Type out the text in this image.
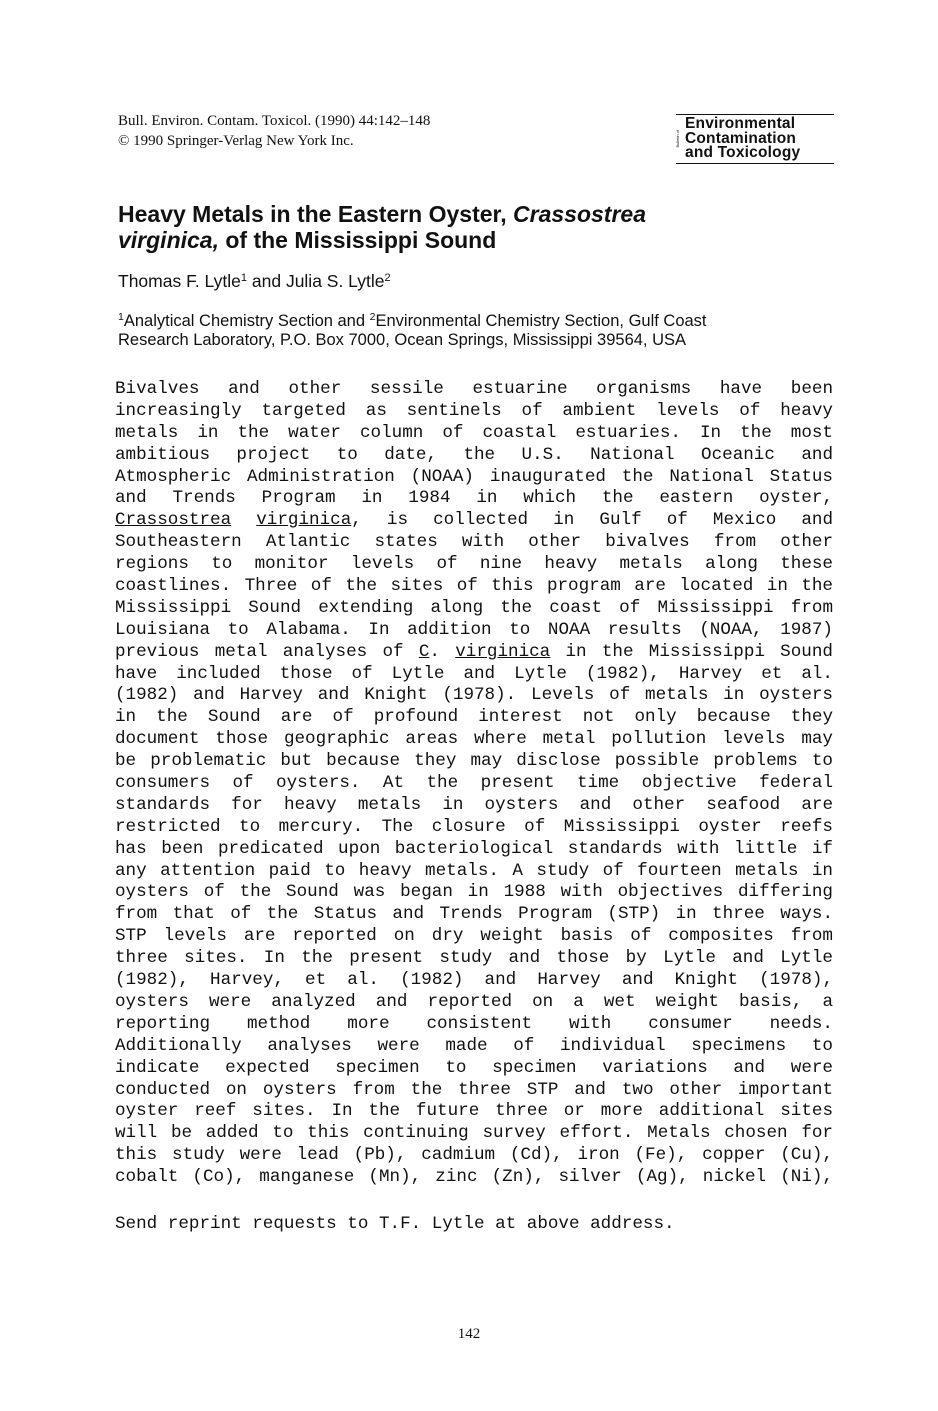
Bull. Environ. Contam. Toxicol. (1990) 44:142–148
© 1990 Springer-Verlag New York Inc.	Bulletin of
Environmental
Contamination
and Toxicology
Heavy Metals in the Eastern Oyster, Crassostrea
virginica, of the Mississippi Sound
Thomas F. Lytle$^1$ and Julia S. Lytle$^2$
$^1$Analytical Chemistry Section and $^2$Environmental Chemistry Section, Gulf Coast
Research Laboratory, P.O. Box 7000, Ocean Springs, Mississippi 39564, USA
Bivalves and other sessile estuarine organisms have been
increasingly targeted as sentinels of ambient levels of heavy
metals in the water column of coastal estuaries. In the most
ambitious project to date, the U.S. National Oceanic and
Atmospheric Administration (NOAA) inaugurated the National Status
and Trends Program in 1984 in which the eastern oyster,
Crassostrea virginica, is collected in Gulf of Mexico and
Southeastern Atlantic states with other bivalves from other
regions to monitor levels of nine heavy metals along these
coastlines. Three of the sites of this program are located in the
Mississippi Sound extending along the coast of Mississippi from
Louisiana to Alabama. In addition to NOAA results (NOAA, 1987)
previous metal analyses of C. virginica in the Mississippi Sound
have included those of Lytle and Lytle (1982), Harvey et al.
(1982) and Harvey and Knight (1978). Levels of metals in oysters
in the Sound are of profound interest not only because they
document those geographic areas where metal pollution levels may
be problematic but because they may disclose possible problems to
consumers of oysters. At the present time objective federal
standards for heavy metals in oysters and other seafood are
restricted to mercury. The closure of Mississippi oyster reefs
has been predicated upon bacteriological standards with little if
any attention paid to heavy metals. A study of fourteen metals in
oysters of the Sound was began in 1988 with objectives differing
from that of the Status and Trends Program (STP) in three ways.
STP levels are reported on dry weight basis of composites from
three sites. In the present study and those by Lytle and Lytle
(1982), Harvey, et al. (1982) and Harvey and Knight (1978),
oysters were analyzed and reported on a wet weight basis, a
reporting method more consistent with consumer needs.
Additionally analyses were made of individual specimens to
indicate expected specimen to specimen variations and were
conducted on oysters from the three STP and two other important
oyster reef sites. In the future three or more additional sites
will be added to this continuing survey effort. Metals chosen for
this study were lead (Pb), cadmium (Cd), iron (Fe), copper (Cu),
cobalt (Co), manganese (Mn), zinc (Zn), silver (Ag), nickel (Ni),
Send reprint requests to T.F. Lytle at above address.
142
